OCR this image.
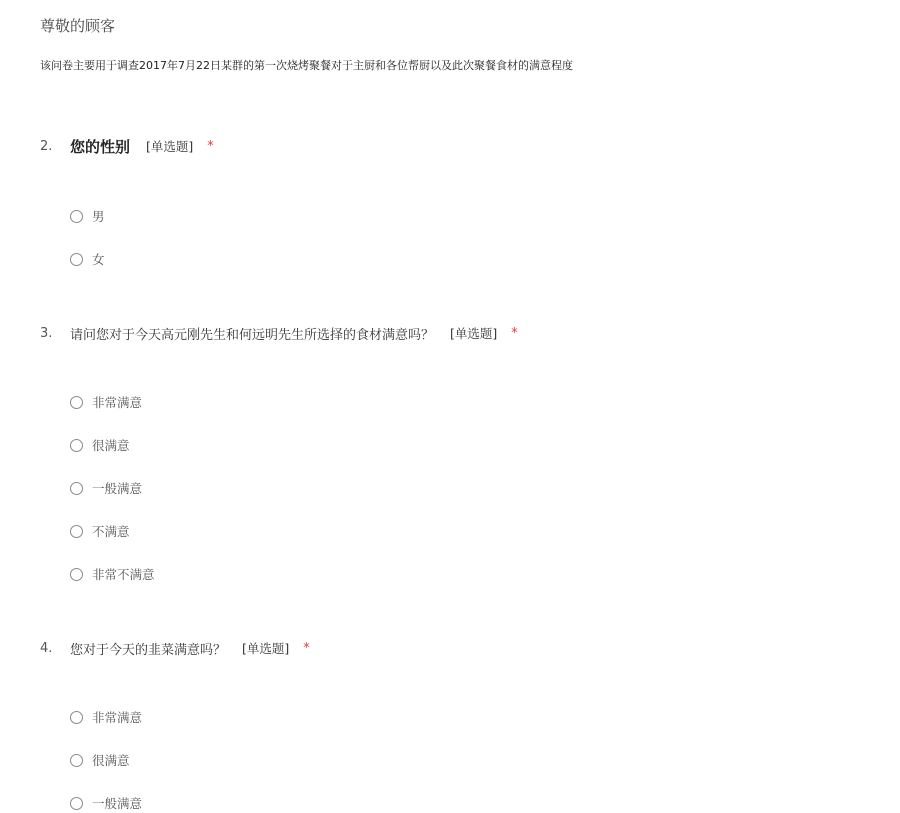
尊敬的顾客
该问卷主要用于调查2017年7月22日某群的第一次烧烤聚餐对于主厨和各位帮厨以及此次聚餐食材的满意程度
2.	您的性别 [单选题] *
男
女
3.	请问您对于今天高元刚先生和何远明先生所选择的食材满意吗？ [单选题] *
非常满意
很满意
一般满意
不满意
非常不满意
4.	您对于今天的韭菜满意吗？ [单选题] *
非常满意
很满意
一般满意
